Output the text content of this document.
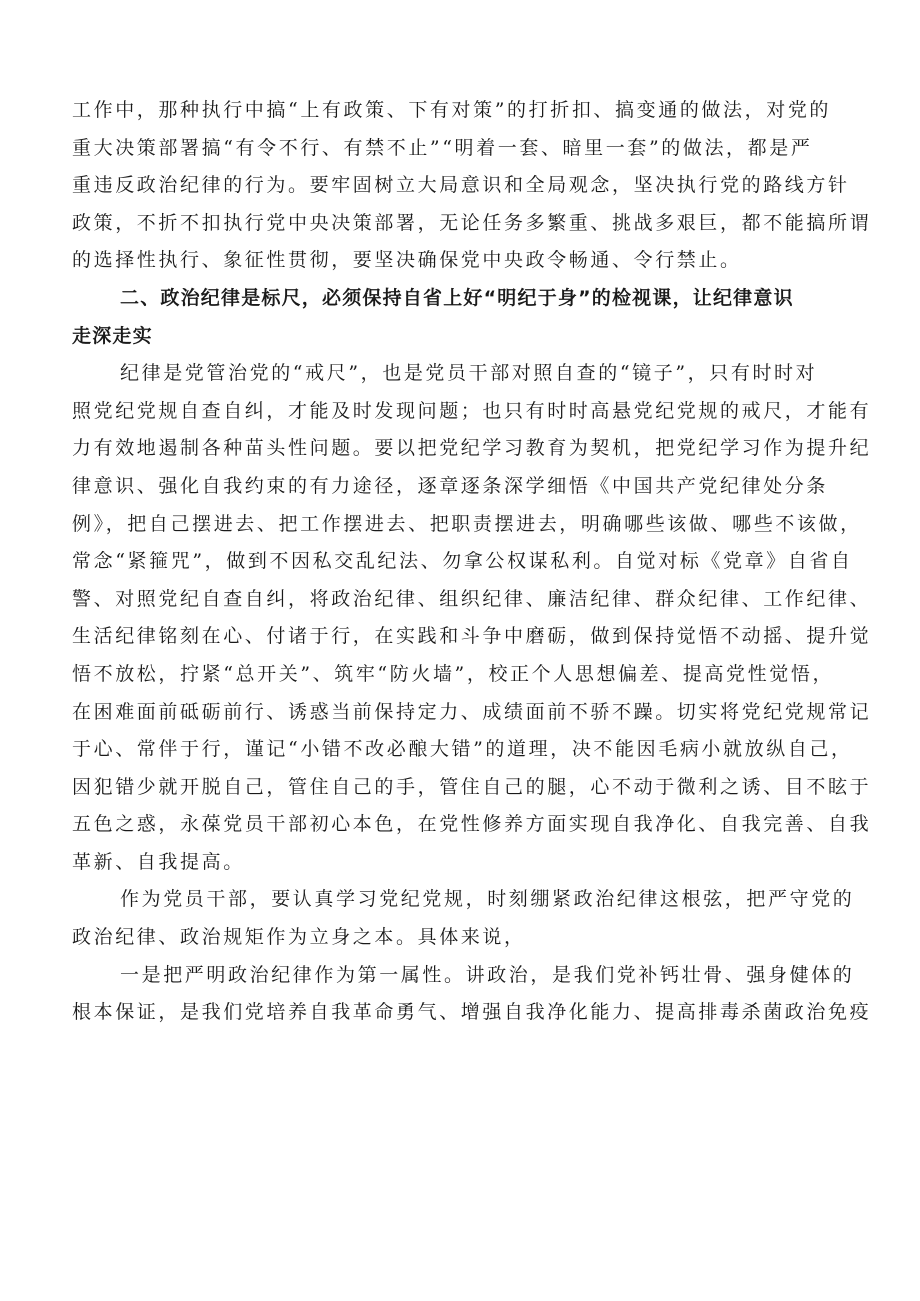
工作中，那种执行中搞“上有政策、下有对策”的打折扣、搞变通的做法，对党的
重大决策部署搞“有令不行、有禁不止”“明着一套、暗里一套”的做法，都是严
重违反政治纪律的行为。要牢固树立大局意识和全局观念，坚决执行党的路线方针
政策，不折不扣执行党中央决策部署，无论任务多繁重、挑战多艰巨，都不能搞所谓
的选择性执行、象征性贯彻，要坚决确保党中央政令畅通、令行禁止。
二、政治纪律是标尺，必须保持自省上好“明纪于身”的检视课，让纪律意识
走深走实
纪律是党管治党的“戒尺”，也是党员干部对照自查的“镜子”，只有时时对
照党纪党规自查自纠，才能及时发现问题；也只有时时高悬党纪党规的戒尺，才能有
力有效地遏制各种苗头性问题。要以把党纪学习教育为契机，把党纪学习作为提升纪
律意识、强化自我约束的有力途径，逐章逐条深学细悟《中国共产党纪律处分条
例》，把自己摆进去、把工作摆进去、把职责摆进去，明确哪些该做、哪些不该做，
常念“紧箍咒”，做到不因私交乱纪法、勿拿公权谋私利。自觉对标《党章》自省自
警、对照党纪自查自纠，将政治纪律、组织纪律、廉洁纪律、群众纪律、工作纪律、
生活纪律铭刻在心、付诸于行，在实践和斗争中磨砺，做到保持觉悟不动摇、提升觉
悟不放松，拧紧“总开关”、筑牢“防火墙”，校正个人思想偏差、提高党性觉悟，
在困难面前砥砺前行、诱惑当前保持定力、成绩面前不骄不躁。切实将党纪党规常记
于心、常伴于行，谨记“小错不改必酿大错”的道理，决不能因毛病小就放纵自己，
因犯错少就开脱自己，管住自己的手，管住自己的腿，心不动于微利之诱、目不眩于
五色之惑，永葆党员干部初心本色，在党性修养方面实现自我净化、自我完善、自我
革新、自我提高。
作为党员干部，要认真学习党纪党规，时刻绷紧政治纪律这根弦，把严守党的
政治纪律、政治规矩作为立身之本。具体来说，
一是把严明政治纪律作为第一属性。讲政治，是我们党补钙壮骨、强身健体的
根本保证，是我们党培养自我革命勇气、增强自我净化能力、提高排毒杀菌政治免疫
